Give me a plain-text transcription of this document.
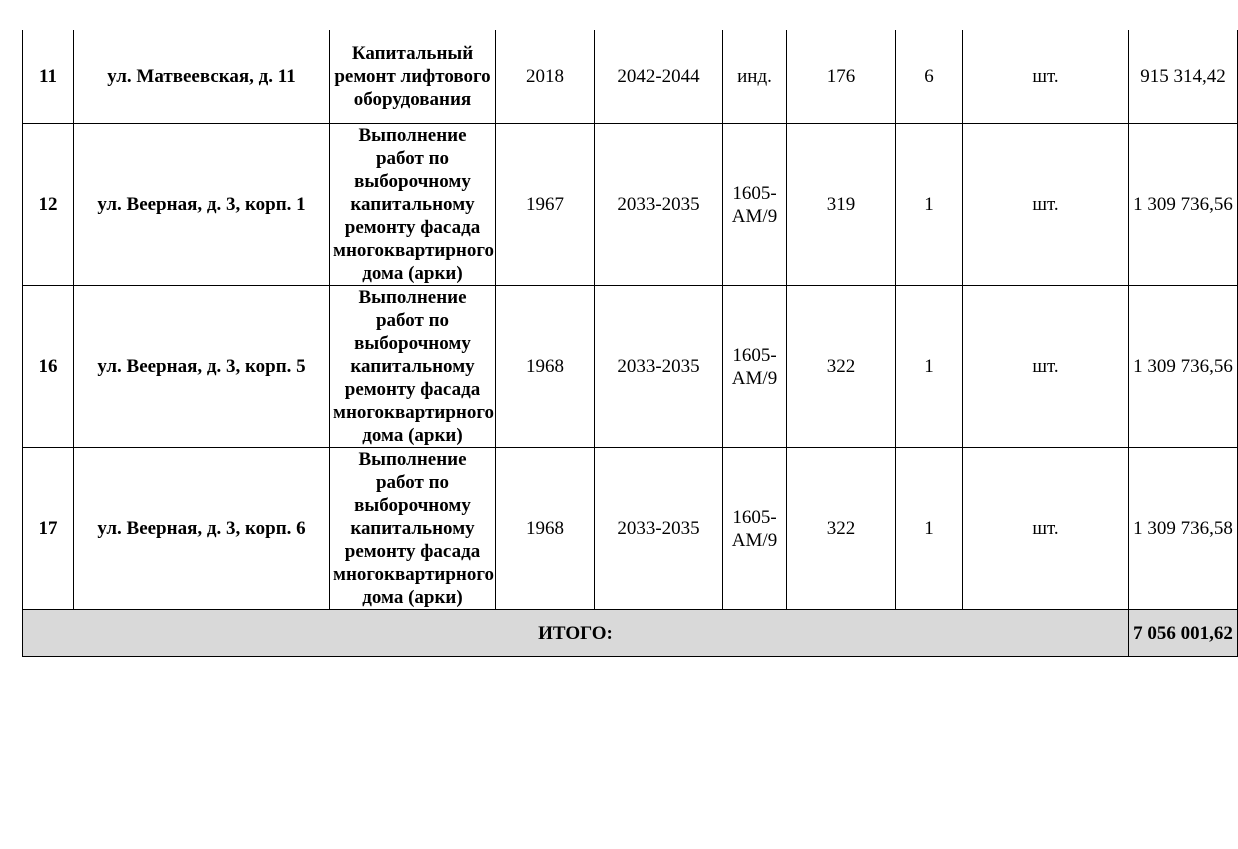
11	ул. Матвеевская, д. 11	Капитальный ремонт лифтового оборудования	2018	2042-2044	инд.	176	6	шт.	915 314,42
12	ул. Веерная, д. 3, корп. 1	Выполнение работ по выборочному капитальному ремонту фасада многоквартирного дома (арки)	1967	2033-2035	1605-АМ/9	319	1	шт.	1 309 736,56
16	ул. Веерная, д. 3, корп. 5	Выполнение работ по выборочному капитальному ремонту фасада многоквартирного дома (арки)	1968	2033-2035	1605-АМ/9	322	1	шт.	1 309 736,56
17	ул. Веерная, д. 3, корп. 6	Выполнение работ по выборочному капитальному ремонту фасада многоквартирного дома (арки)	1968	2033-2035	1605-АМ/9	322	1	шт.	1 309 736,58
ИТОГО:									7 056 001,62
